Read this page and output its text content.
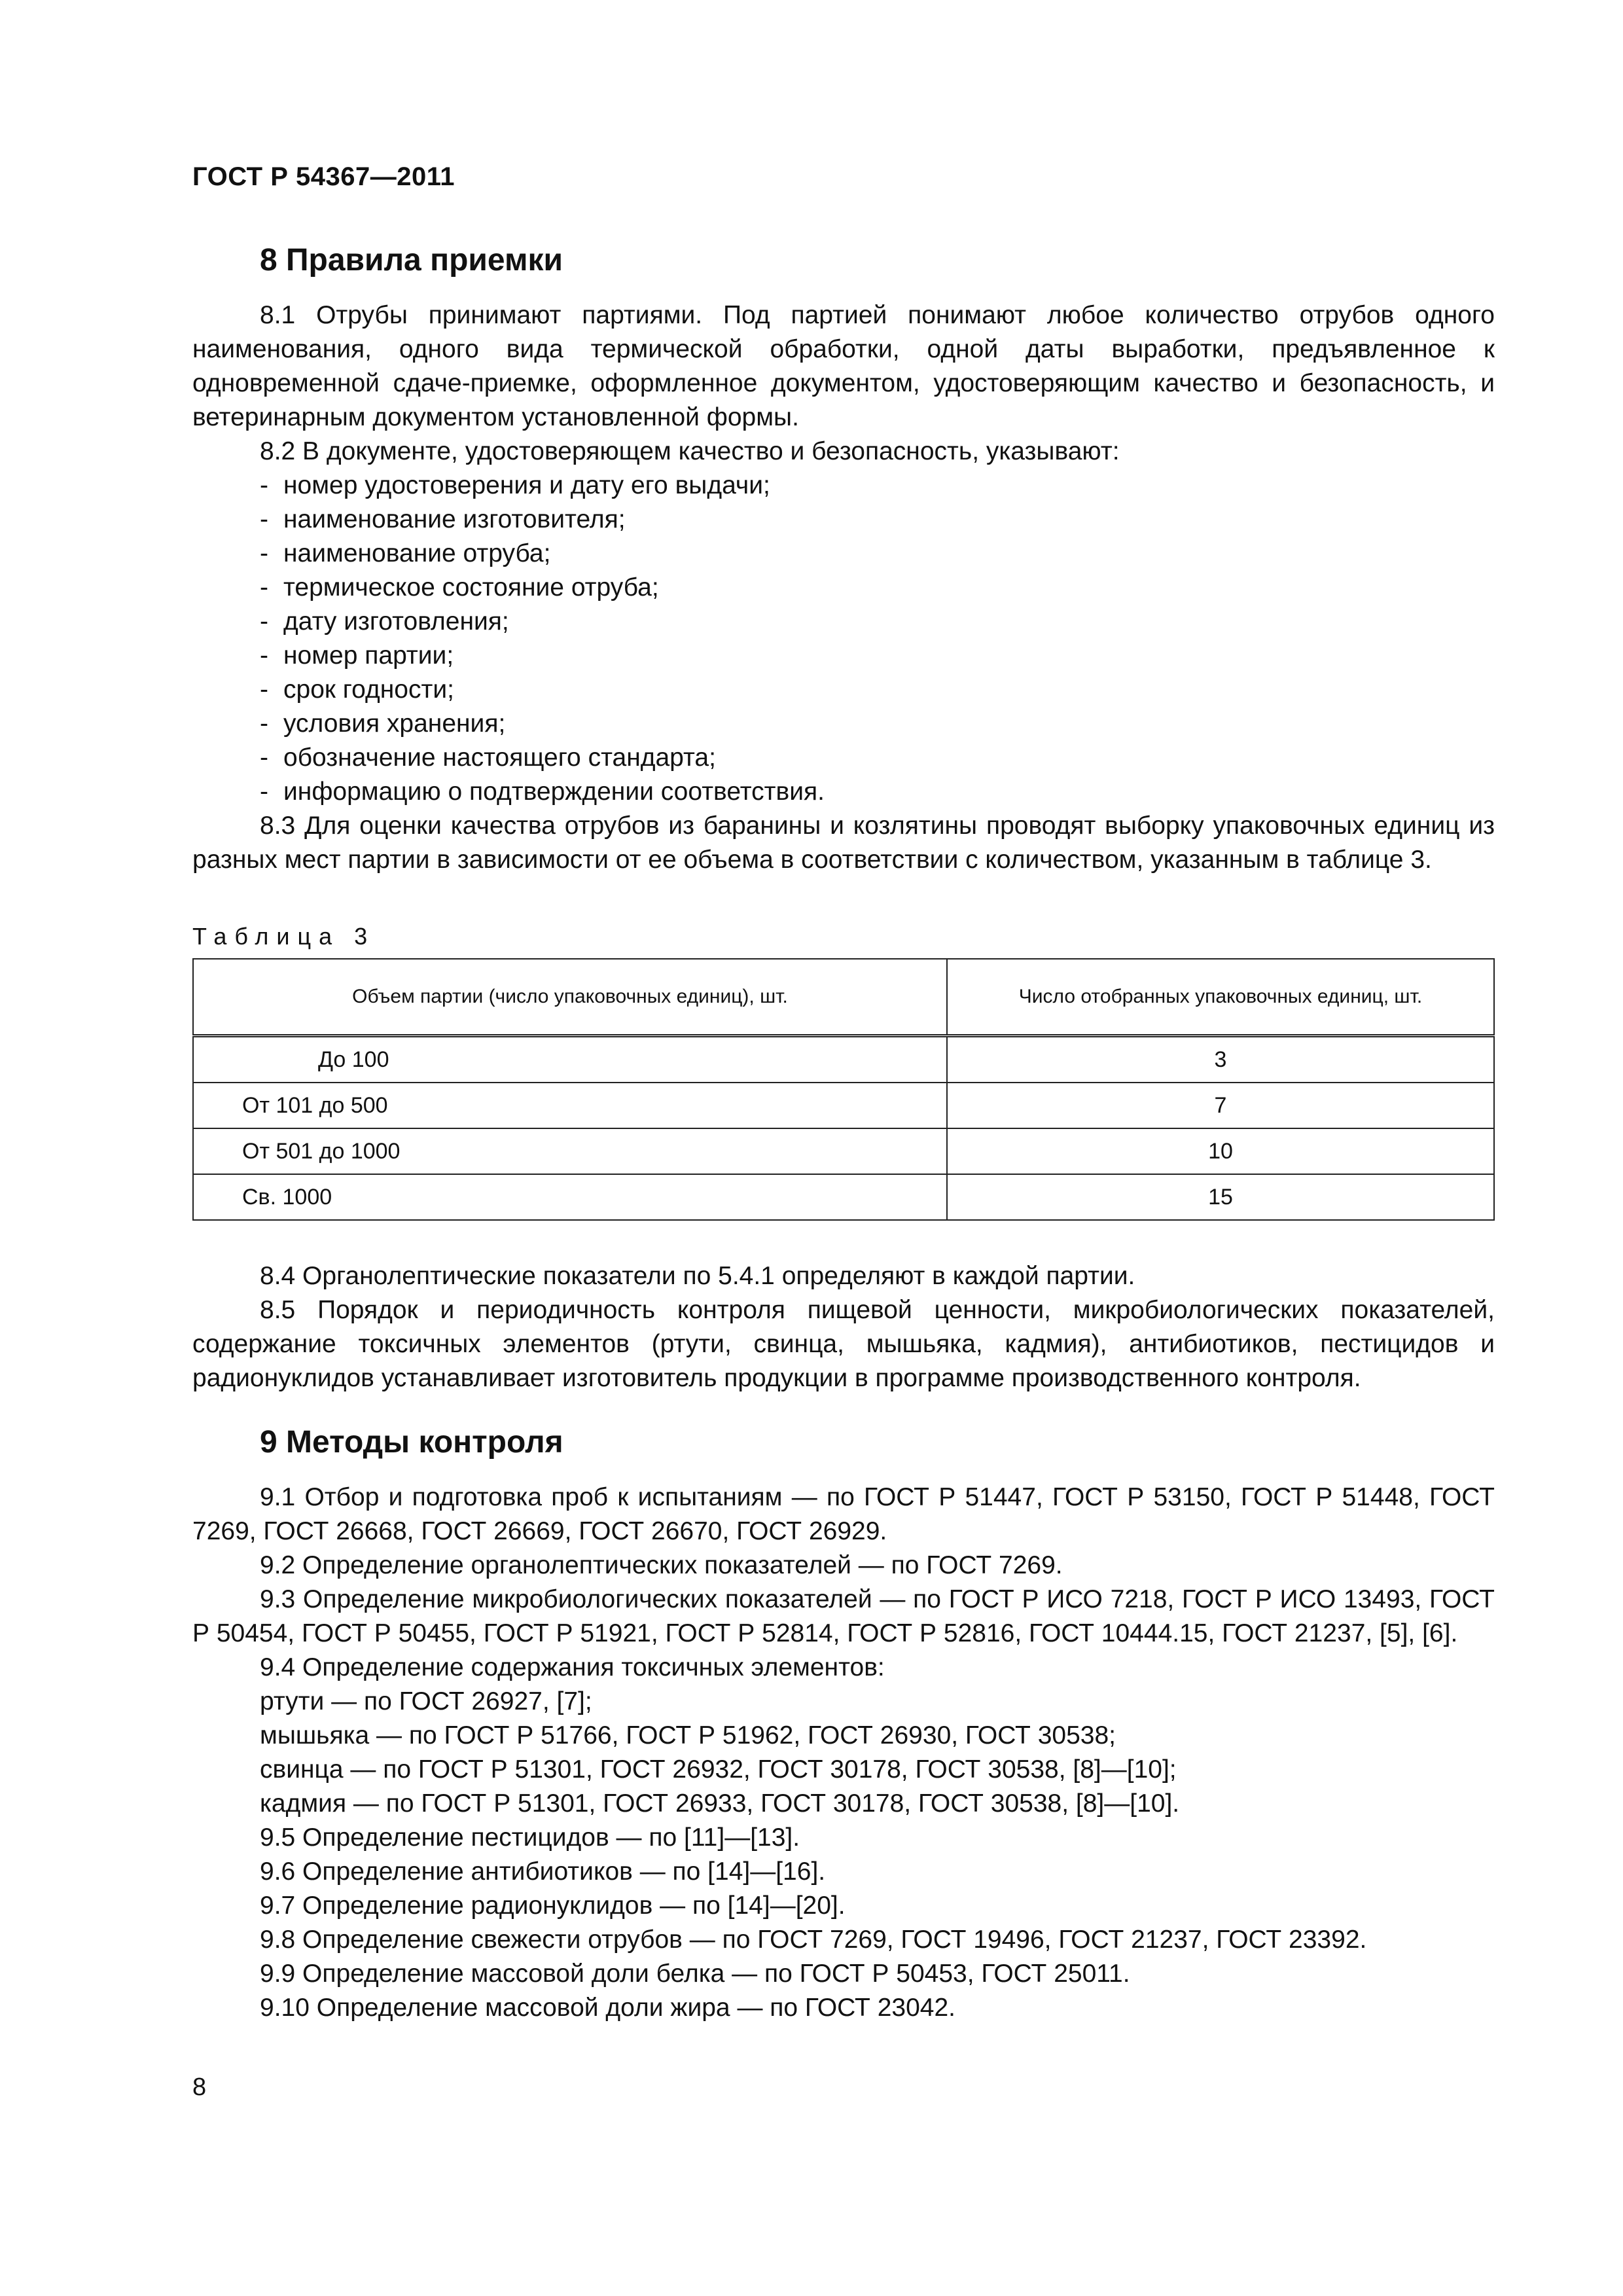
ГОСТ Р 54367—2011
8 Правила приемки

8.1 Отрубы принимают партиями. Под партией понимают любое количество отрубов одного наименования, одного вида термической обработки, одной даты выработки, предъявленное к одновременной сдаче-приемке, оформленное документом, удостоверяющим качество и безопасность, и ветеринарным документом установленной формы.

8.2 В документе, удостоверяющем качество и безопасность, указывают:

- номер удостоверения и дату его выдачи;

- наименование изготовителя;

- наименование отруба;

- термическое состояние отруба;

- дату изготовления;

- номер партии;

- срок годности;

- условия хранения;

- обозначение настоящего стандарта;

- информацию о подтверждении соответствия.

8.3 Для оценки качества отрубов из баранины и козлятины проводят выборку упаковочных единиц из разных мест партии в зависимости от ее объема в соответствии с количеством, указанным в таблице 3.

Таблица 3
Объем партии (число упаковочных единиц), шт.	Число отобранных упаковочных единиц, шт.
До 100	3
От 101 до 500	7
От 501 до 1000	10
Св. 1000	15

8.4 Органолептические показатели по 5.4.1 определяют в каждой партии.

8.5 Порядок и периодичность контроля пищевой ценности, микробиологических показателей, содержание токсичных элементов (ртути, свинца, мышьяка, кадмия), антибиотиков, пестицидов и радионуклидов устанавливает изготовитель продукции в программе производственного контроля.

9 Методы контроля

9.1 Отбор и подготовка проб к испытаниям — по ГОСТ Р 51447, ГОСТ Р 53150, ГОСТ Р 51448, ГОСТ 7269, ГОСТ 26668, ГОСТ 26669, ГОСТ 26670, ГОСТ 26929.

9.2 Определение органолептических показателей — по ГОСТ 7269.

9.3 Определение микробиологических показателей — по ГОСТ Р ИСО 7218, ГОСТ Р ИСО 13493, ГОСТ Р 50454, ГОСТ Р 50455, ГОСТ Р 51921, ГОСТ Р 52814, ГОСТ Р 52816, ГОСТ 10444.15, ГОСТ 21237, [5], [6].

9.4 Определение содержания токсичных элементов:

ртути — по ГОСТ 26927, [7];

мышьяка — по ГОСТ Р 51766, ГОСТ Р 51962, ГОСТ 26930, ГОСТ 30538;

свинца — по ГОСТ Р 51301, ГОСТ 26932, ГОСТ 30178, ГОСТ 30538, [8]—[10];

кадмия — по ГОСТ Р 51301, ГОСТ 26933, ГОСТ 30178, ГОСТ 30538, [8]—[10].

9.5 Определение пестицидов — по [11]—[13].

9.6 Определение антибиотиков — по [14]—[16].

9.7 Определение радионуклидов — по [14]—[20].

9.8 Определение свежести отрубов — по ГОСТ 7269, ГОСТ 19496, ГОСТ 21237, ГОСТ 23392.

9.9 Определение массовой доли белка — по ГОСТ Р 50453, ГОСТ 25011.

9.10 Определение массовой доли жира — по ГОСТ 23042.

8
